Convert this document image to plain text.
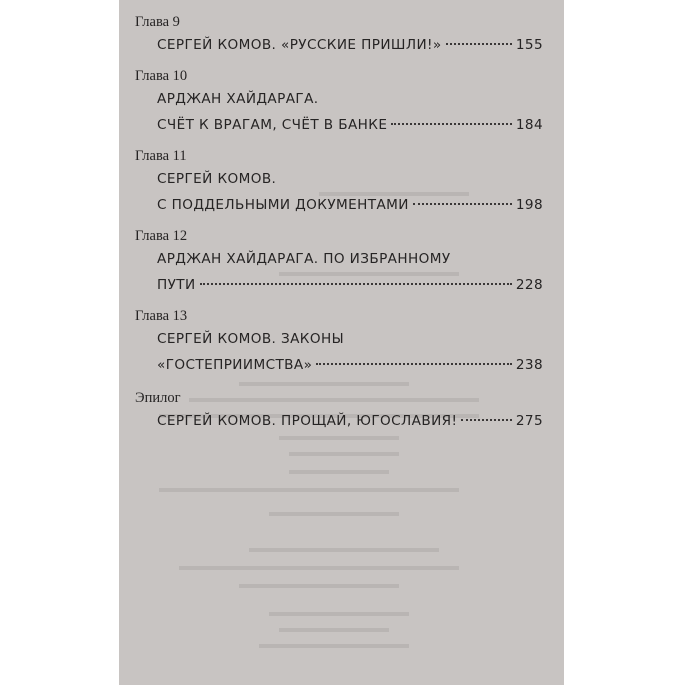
Глава 9
СЕРГЕЙ КОМОВ. «РУССКИЕ ПРИШЛИ!»	155
Глава 10
АРДЖАН ХАЙДАРАГА.
СЧЁТ К ВРАГАМ, СЧЁТ В БАНКЕ	184
Глава 11
СЕРГЕЙ КОМОВ.
С ПОДДЕЛЬНЫМИ ДОКУМЕНТАМИ	198
Глава 12
АРДЖАН ХАЙДАРАГА. ПО ИЗБРАННОМУ
ПУТИ	228
Глава 13
СЕРГЕЙ КОМОВ. ЗАКОНЫ
«ГОСТЕПРИИМСТВА»	238
Эпилог
СЕРГЕЙ КОМОВ. ПРОЩАЙ, ЮГОСЛАВИЯ!	275
